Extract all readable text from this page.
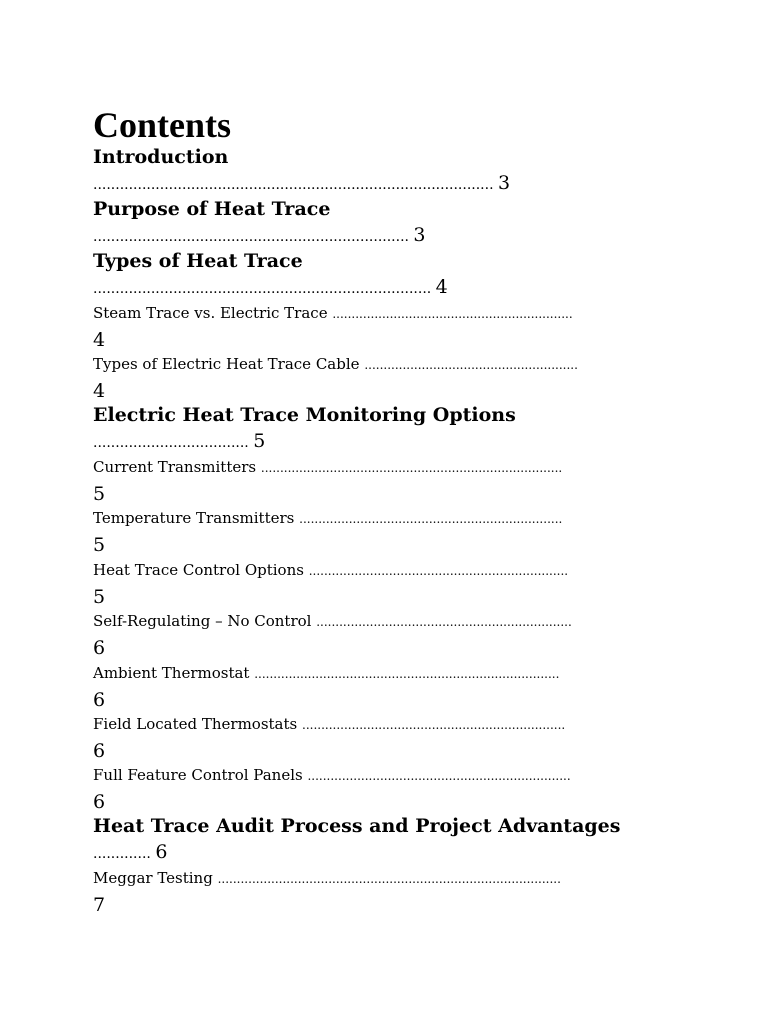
Contents
Introduction
.......................................................................................... 3
Purpose of Heat Trace
....................................................................... 3
Types of Heat Trace
............................................................................ 4
Steam Trace vs. Electric Trace ...............................................................
4
Types of Electric Heat Trace Cable ........................................................
4
Electric Heat Trace Monitoring Options
................................... 5
Current Transmitters ...............................................................................
5
Temperature Transmitters .....................................................................
5
Heat Trace Control Options ....................................................................
5
Self-Regulating – No Control ...................................................................
6
Ambient Thermostat ................................................................................
6
Field Located Thermostats .....................................................................
6
Full Feature Control Panels .....................................................................
6
Heat Trace Audit Process and Project Advantages
............. 6
Meggar Testing ..........................................................................................
7
